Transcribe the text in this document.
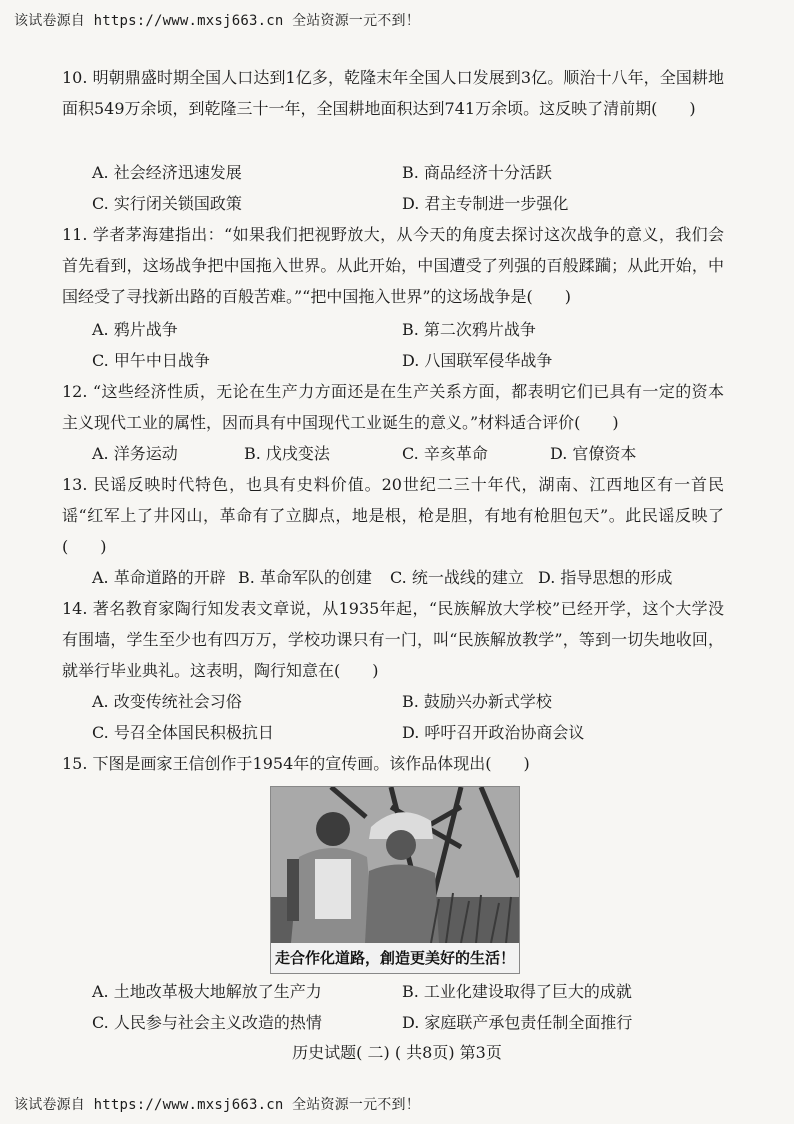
该试卷源自 https://www.mxsj663.cn 全站资源一元不到！
10. 明朝鼎盛时期全国人口达到1亿多，乾隆末年全国人口发展到3亿。顺治十八年，全国耕地面积549万余顷，到乾隆三十一年，全国耕地面积达到741万余顷。这反映了清前期(　　)
A. 社会经济迅速发展	B. 商品经济十分活跃
C. 实行闭关锁国政策	D. 君主专制进一步强化
11. 学者茅海建指出：“如果我们把视野放大，从今天的角度去探讨这次战争的意义，我们会首先看到，这场战争把中国拖入世界。从此开始，中国遭受了列强的百般蹂躏；从此开始，中国经受了寻找新出路的百般苦难。”“把中国拖入世界”的这场战争是(　　)
A. 鸦片战争	B. 第二次鸦片战争
C. 甲午中日战争	D. 八国联军侵华战争
12. “这些经济性质，无论在生产力方面还是在生产关系方面，都表明它们已具有一定的资本主义现代工业的属性，因而具有中国现代工业诞生的意义。”材料适合评价(　　)
A. 洋务运动	B. 戊戌变法	C. 辛亥革命	D. 官僚资本
13. 民谣反映时代特色，也具有史料价值。20世纪二三十年代，湖南、江西地区有一首民谣“红军上了井冈山，革命有了立脚点，地是根，枪是胆，有地有枪胆包天”。此民谣反映了(　　)
A. 革命道路的开辟 B. 革命军队的创建	C. 统一战线的建立 D. 指导思想的形成
14. 著名教育家陶行知发表文章说，从1935年起，“民族解放大学校”已经开学，这个大学没有围墙，学生至少也有四万万，学校功课只有一门，叫“民族解放教学”，等到一切失地收回，就举行毕业典礼。这表明，陶行知意在(　　)
A. 改变传统社会习俗	B. 鼓励兴办新式学校
C. 号召全体国民积极抗日	D. 呼吁召开政治协商会议
15. 下图是画家王信创作于1954年的宣传画。该作品体现出(　　)
走合作化道路，創造更美好的生活！
A. 土地改革极大地解放了生产力	B. 工业化建设取得了巨大的成就
C. 人民参与社会主义改造的热情	D. 家庭联产承包责任制全面推行
历史试题( 二) ( 共8页) 第3页
该试卷源自 https://www.mxsj663.cn 全站资源一元不到！
